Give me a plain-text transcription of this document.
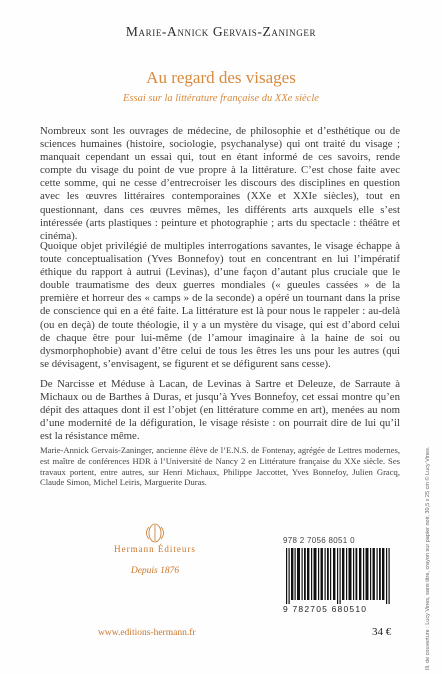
Marie-Annick Gervais-Zaninger
Au regard des visages
Essai sur la littérature française du XXe siècle

Nombreux sont les ouvrages de médecine, de philosophie et d’esthétique ou de sciences humaines (histoire, sociologie, psychanalyse) qui ont traité du visage ; manquait cependant un essai qui, tout en étant informé de ces savoirs, rende compte du visage du point de vue propre à la littérature. C’est chose faite avec cette somme, qui ne cesse d’entrecroiser les discours des disciplines en question avec les œuvres littéraires contemporaines (XXe et XXIe siècles), tout en questionnant, dans ces œuvres mêmes, les différents arts auxquels elle s’est intéressée (arts plastiques : peinture et photographie ; arts du spectacle : théâtre et cinéma).

Quoique objet privilégié de multiples interrogations savantes, le visage échappe à toute conceptualisation (Yves Bonnefoy) tout en concentrant en lui l’impératif éthique du rapport à autrui (Levinas), d’une façon d’autant plus cruciale que le double traumatisme des deux guerres mondiales (« gueules cassées » de la première et horreur des « camps » de la seconde) a opéré un tournant dans la prise de conscience qui en a été faite. La littérature est là pour nous le rappeler : au-delà (ou en deçà) de toute théologie, il y a un mystère du visage, qui est d’abord celui de chaque être pour lui-même (de l’amour imaginaire à la haine de soi ou dysmorphophobie) avant d’être celui de tous les êtres les uns pour les autres (qui se dévisagent, s’envisagent, se figurent et se défigurent sans cesse).

De Narcisse et Méduse à Lacan, de Levinas à Sartre et Deleuze, de Sarraute à Michaux ou de Barthes à Duras, et jusqu’à Yves Bonnefoy, cet essai montre qu’en dépit des attaques dont il est l’objet (en littérature comme en art), menées au nom d’une modernité de la défiguration, le visage résiste : on pourrait dire de lui qu’il est la résistance même.

Marie-Annick Gervais-Zaninger, ancienne élève de l’E.N.S. de Fontenay, agrégée de Lettres modernes, est maître de conférences HDR à l’Université de Nancy 2 en Littérature française du XXe siècle. Ses travaux portent, entre autres, sur Henri Michaux, Philippe Jaccottet, Yves Bonnefoy, Julien Gracq, Claude Simon, Michel Leiris, Marguerite Duras.

Hermann Éditeurs
Depuis 1876
www.editions-hermann.fr
978 2 7056 8051 0
9 782705 680510
34 €	Ill. de couverture : Lucy Vines, sans titre, crayon sur papier noir, 30,5 x 25 cm © Lucy Vines.
